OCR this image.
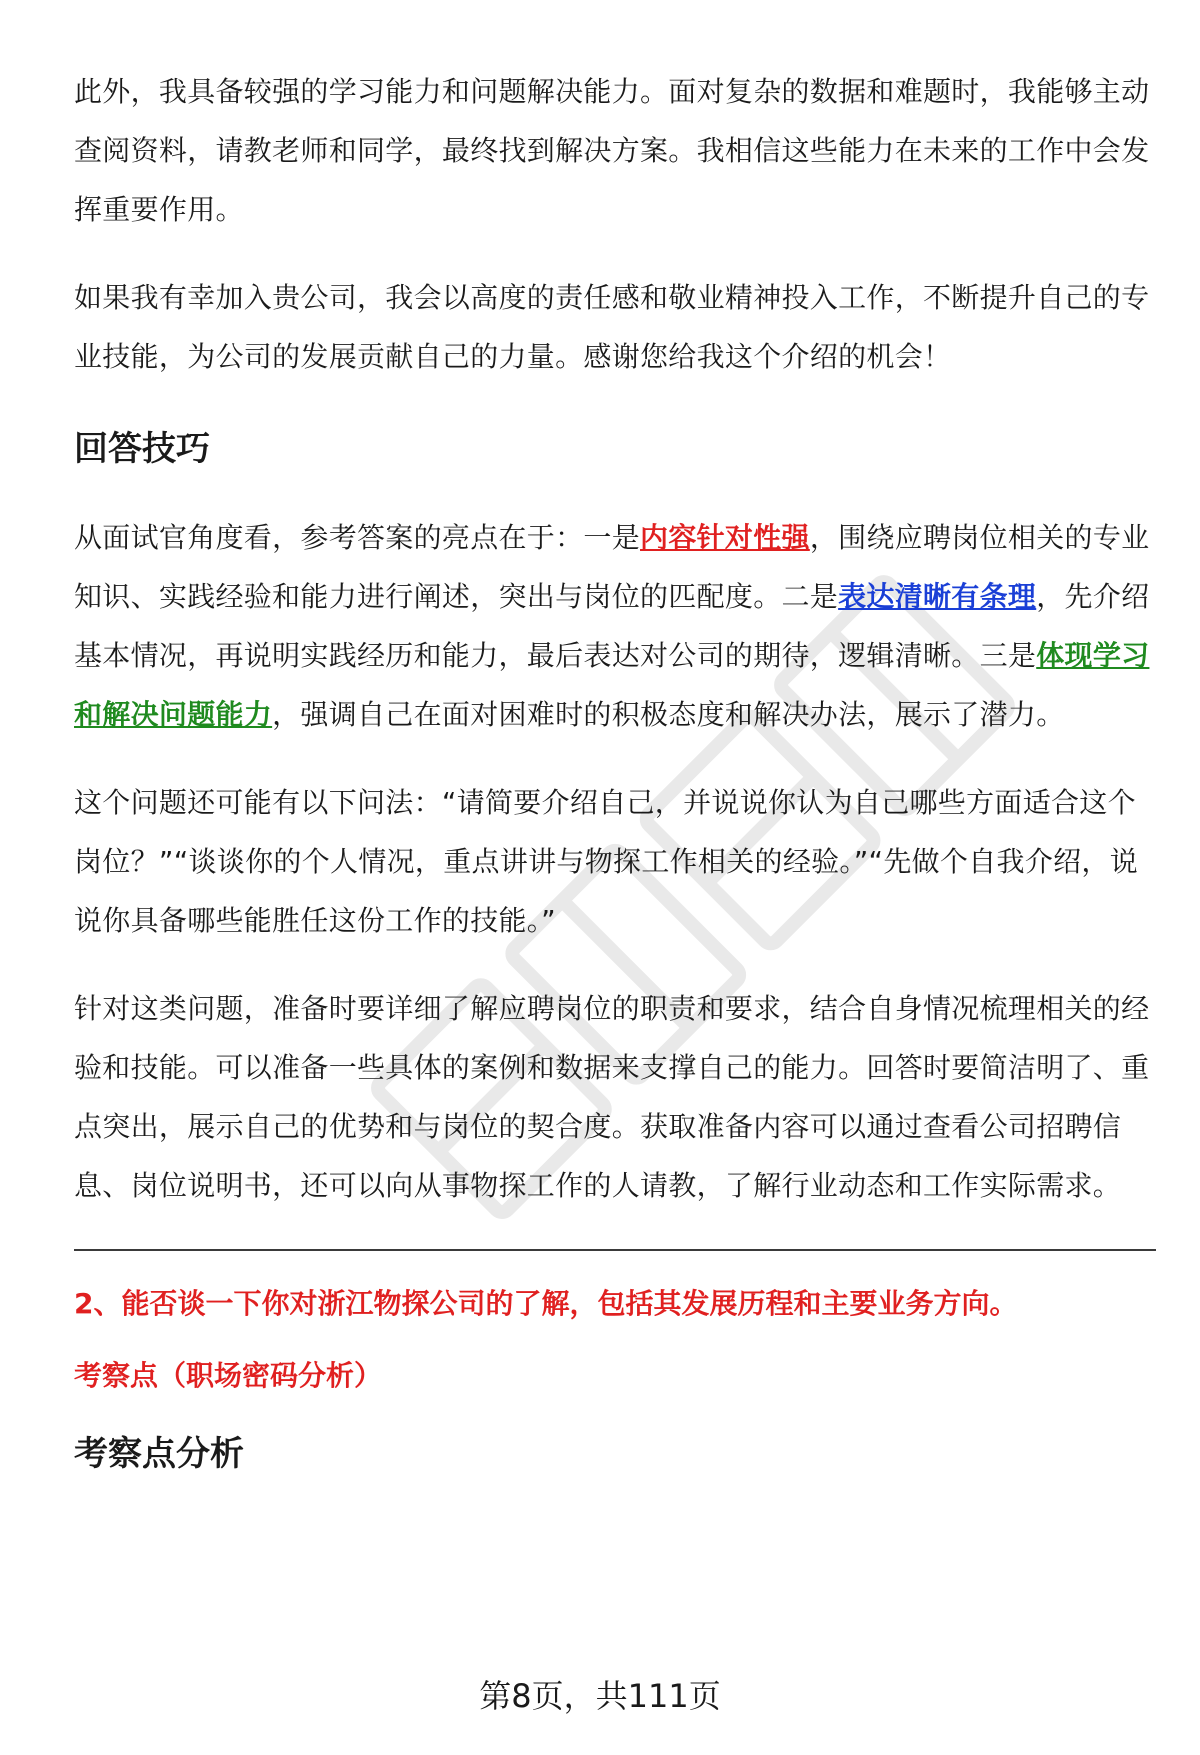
此外，我具备较强的学习能力和问题解决能力。面对复杂的数据和难题时，我能够主动查阅资料，请教老师和同学，最终找到解决方案。我相信这些能力在未来的工作中会发挥重要作用。

如果我有幸加入贵公司，我会以高度的责任感和敬业精神投入工作，不断提升自己的专业技能，为公司的发展贡献自己的力量。感谢您给我这个介绍的机会！

回答技巧

从面试官角度看，参考答案的亮点在于：一是内容针对性强，围绕应聘岗位相关的专业知识、实践经验和能力进行阐述，突出与岗位的匹配度。二是表达清晰有条理，先介绍基本情况，再说明实践经历和能力，最后表达对公司的期待，逻辑清晰。三是体现学习和解决问题能力，强调自己在面对困难时的积极态度和解决办法，展示了潜力。

这个问题还可能有以下问法：“请简要介绍自己，并说说你认为自己哪些方面适合这个岗位？”“谈谈你的个人情况，重点讲讲与物探工作相关的经验。”“先做个自我介绍，说说你具备哪些能胜任这份工作的技能。”

针对这类问题，准备时要详细了解应聘岗位的职责和要求，结合自身情况梳理相关的经验和技能。可以准备一些具体的案例和数据来支撑自己的能力。回答时要简洁明了、重点突出，展示自己的优势和与岗位的契合度。获取准备内容可以通过查看公司招聘信息、岗位说明书，还可以向从事物探工作的人请教，了解行业动态和工作实际需求。

2、能否谈一下你对浙江物探公司的了解，包括其发展历程和主要业务方向。

考察点（职场密码分析）

考察点分析
第8页，共111页
